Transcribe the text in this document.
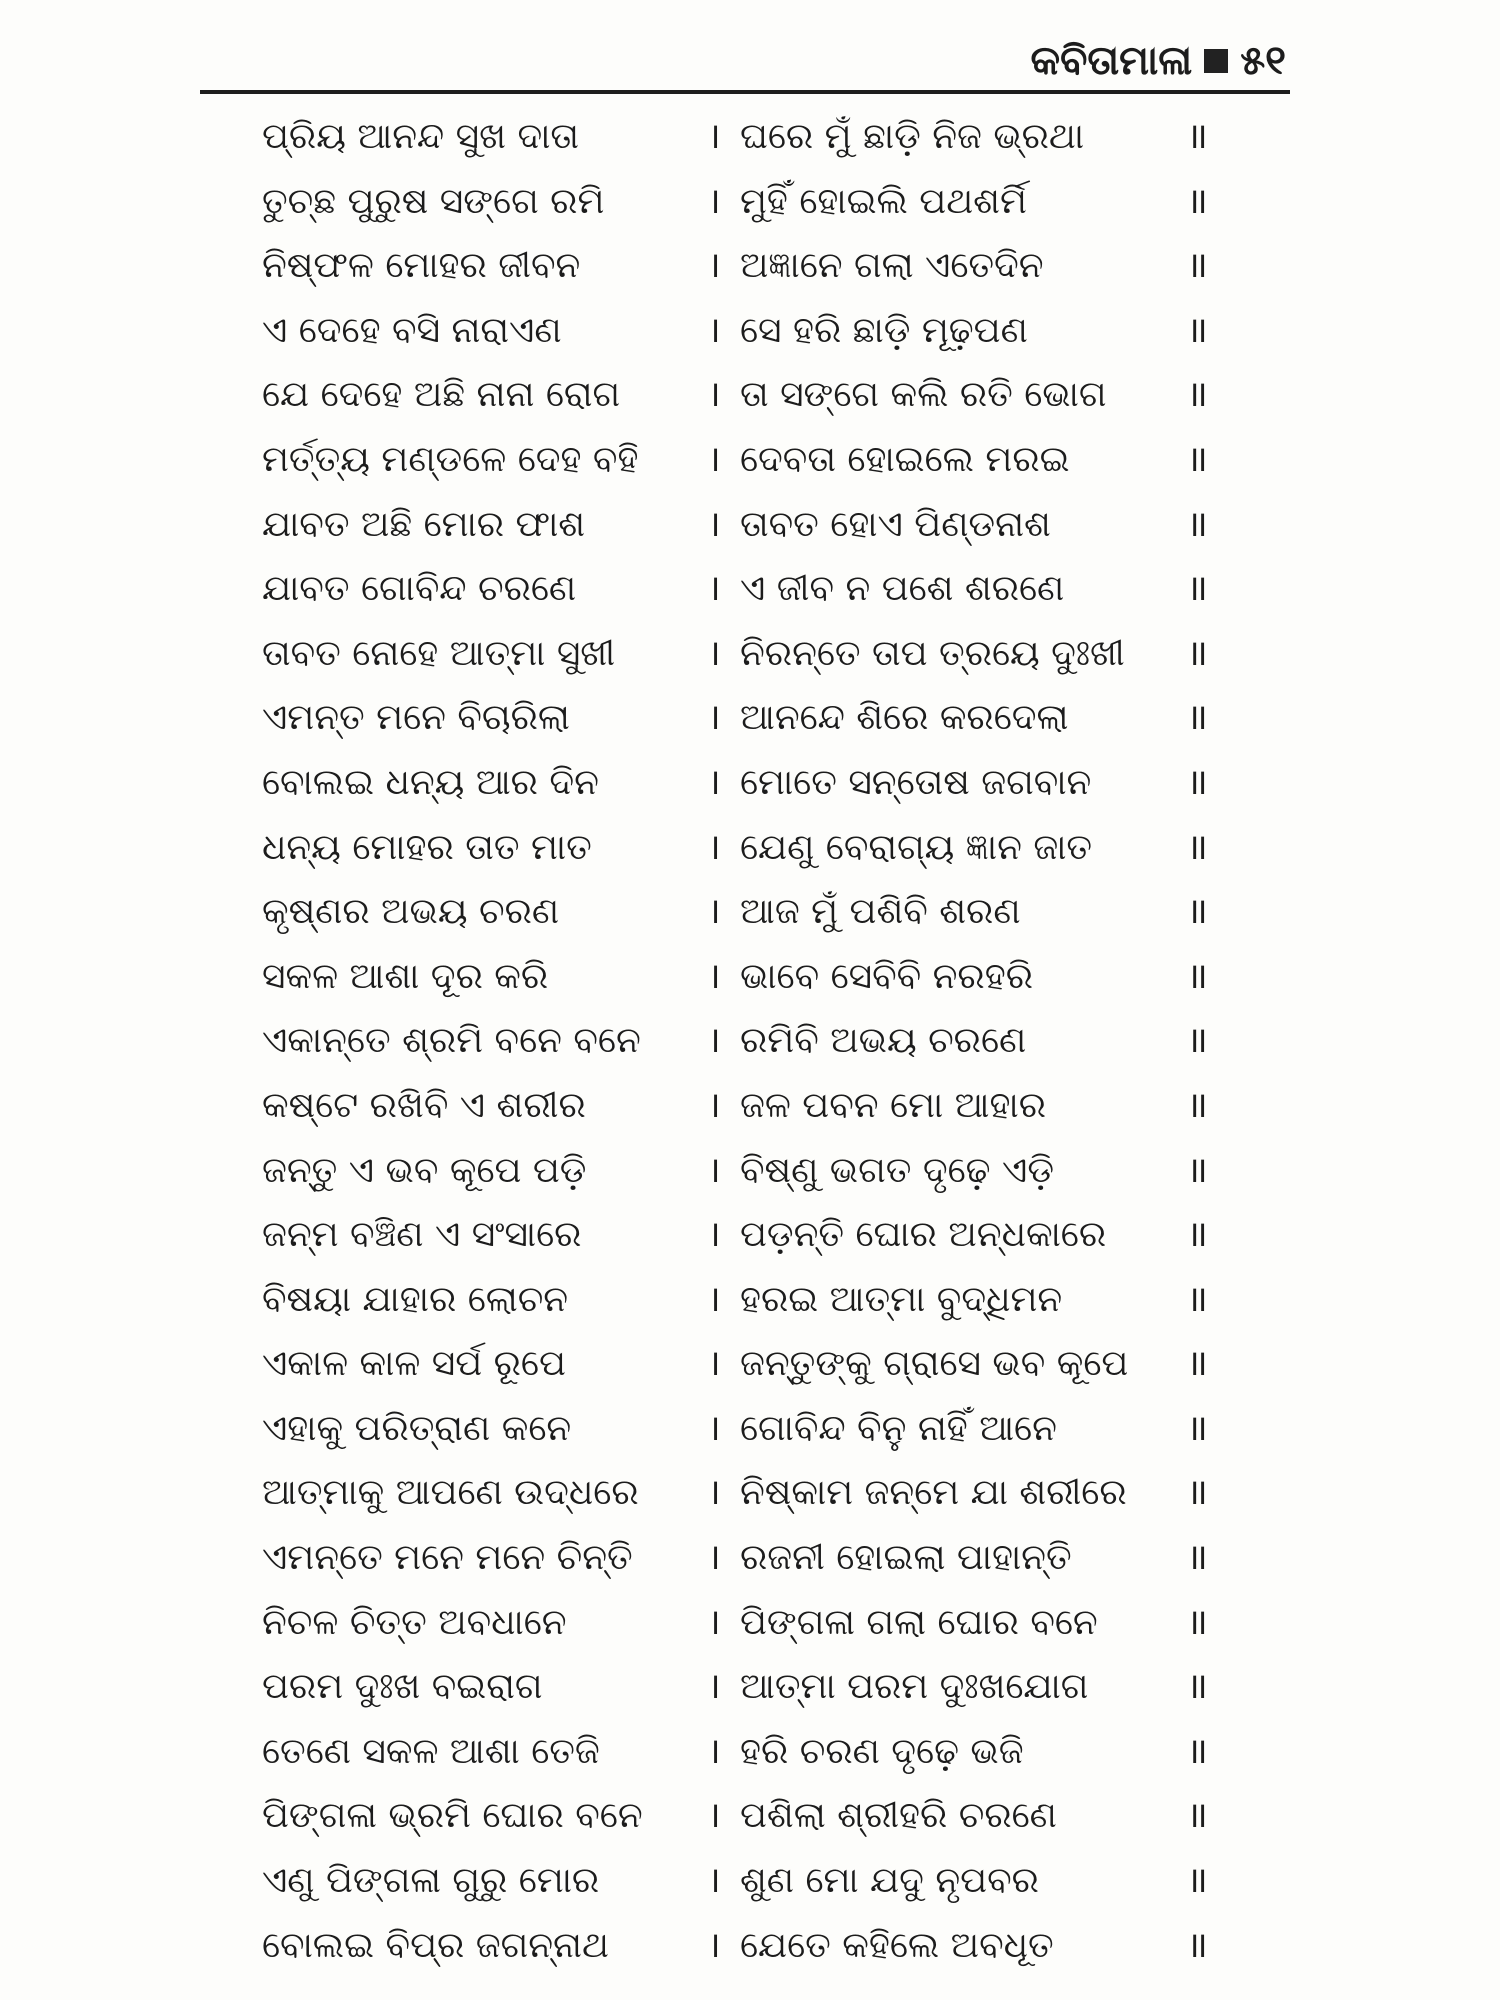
କବିତାମାଳା ୫୧
ପ୍ରିୟ ଆନନ୍ଦ ସୁଖ ଦାତା	। ଘରେ ମୁଁ ଛାଡ଼ି ନିଜ ଭ୍ରଥା	॥
ତୁଚ୍ଛ ପୁରୁଷ ସଙ୍ଗେ ରମି	। ମୁହିଁ ହୋଇଲି ପଥଶର୍ମି	॥
ନିଷ୍ଫଳ ମୋହର ଜୀବନ	। ଅଜ୍ଞାନେ ଗଲା ଏତେଦିନ	॥
ଏ ଦେହେ ବସି ନାରାଏଣ	। ସେ ହରି ଛାଡ଼ି ମୂଢ଼ପଣ	॥
ଯେ ଦେହେ ଅଛି ନାନା ରୋଗ	। ତା ସଙ୍ଗେ କଲି ରତି ଭୋଗ	॥
ମର୍ତ୍ତ୍ୟ ମଣ୍ଡଳେ ଦେହ ବହି	। ଦେବତା ହୋଇଲେ ମରଇ	॥
ଯାବତ ଅଛି ମୋର ଫାଶ	। ତାବତ ହୋଏ ପିଣ୍ଡନାଶ	॥
ଯାବତ ଗୋବିନ୍ଦ ଚରଣେ	। ଏ ଜୀବ ନ ପଶେ ଶରଣେ	॥
ତାବତ ନୋହେ ଆତ୍ମା ସୁଖୀ	। ନିରନ୍ତେ ତାପ ତ୍ରୟେ ଦୁଃଖୀ	॥
ଏମନ୍ତ ମନେ ବିଚାରିଲା	। ଆନନ୍ଦେ ଶିରେ କରଦେଲା	॥
ବୋଲଇ ଧନ୍ୟ ଆର ଦିନ	। ମୋତେ ସନ୍ତୋଷ ଜଗବାନ	॥
ଧନ୍ୟ ମୋହର ତାତ ମାତ	। ଯେଣୁ ବେରାଗ୍ୟ ଜ୍ଞାନ ଜାତ	॥
କୃଷ୍ଣର ଅଭୟ ଚରଣ	। ଆଜ ମୁଁ ପଶିବି ଶରଣ	॥
ସକଳ ଆଶା ଦୂର କରି	। ଭାବେ ସେବିବି ନରହରି	॥
ଏକାନ୍ତେ ଶ୍ରମି ବନେ ବନେ	। ରମିବି ଅଭୟ ଚରଣେ	॥
କଷ୍ଟେ ରଖିବି ଏ ଶରୀର	। ଜଳ ପବନ ମୋ ଆହାର	॥
ଜନ୍ତୁ ଏ ଭବ କୂପେ ପଡ଼ି	। ବିଷ୍ଣୁ ଭଗତ ଦୃଢ଼େ ଏଡ଼ି	॥
ଜନ୍ମ ବଞ୍ଚିଣ ଏ ସଂସାରେ	। ପଡ଼ନ୍ତି ଘୋର ଅନ୍ଧକାରେ	॥
ବିଷୟା ଯାହାର ଲୋଚନ	। ହରଇ ଆତ୍ମା ବୁଦ୍ଧିମନ	॥
ଏକାଳ କାଳ ସର୍ପ ରୂପେ	। ଜନ୍ତୁଙ୍କୁ ଗ୍ରାସେ ଭବ କୂପେ	॥
ଏହାକୁ ପରିତ୍ରାଣ କନେ	। ଗୋବିନ୍ଦ ବିନୁ ନାହିଁ ଆନେ	॥
ଆତ୍ମାକୁ ଆପଣେ ଉଦ୍ଧରେ	। ନିଷ୍କାମ ଜନ୍ମେ ଯା ଶରୀରେ	॥
ଏମନ୍ତେ ମନେ ମନେ ଚିନ୍ତି	। ରଜନୀ ହୋଇଲା ପାହାନ୍ତି	॥
ନିଚଳ ଚିତ୍ତ ଅବଧାନେ	। ପିଙ୍ଗଳା ଗଲା ଘୋର ବନେ	॥
ପରମ ଦୁଃଖ ବଇରାଗ	। ଆତ୍ମା ପରମ ଦୁଃଖଯୋଗ	॥
ତେଣେ ସକଳ ଆଶା ତେଜି	। ହରି ଚରଣ ଦୃଢ଼େ ଭଜି	॥
ପିଙ୍ଗଳା ଭ୍ରମି ଘୋର ବନେ	। ପଶିଲା ଶ୍ରୀହରି ଚରଣେ	॥
ଏଣୁ ପିଙ୍ଗଳା ଗୁରୁ ମୋର	। ଶୁଣ ମୋ ଯଦୁ ନୃପବର	॥
ବୋଲଇ ବିପ୍ର ଜଗନ୍ନାଥ	। ଯେତେ କହିଲେ ଅବଧୂତ	॥
